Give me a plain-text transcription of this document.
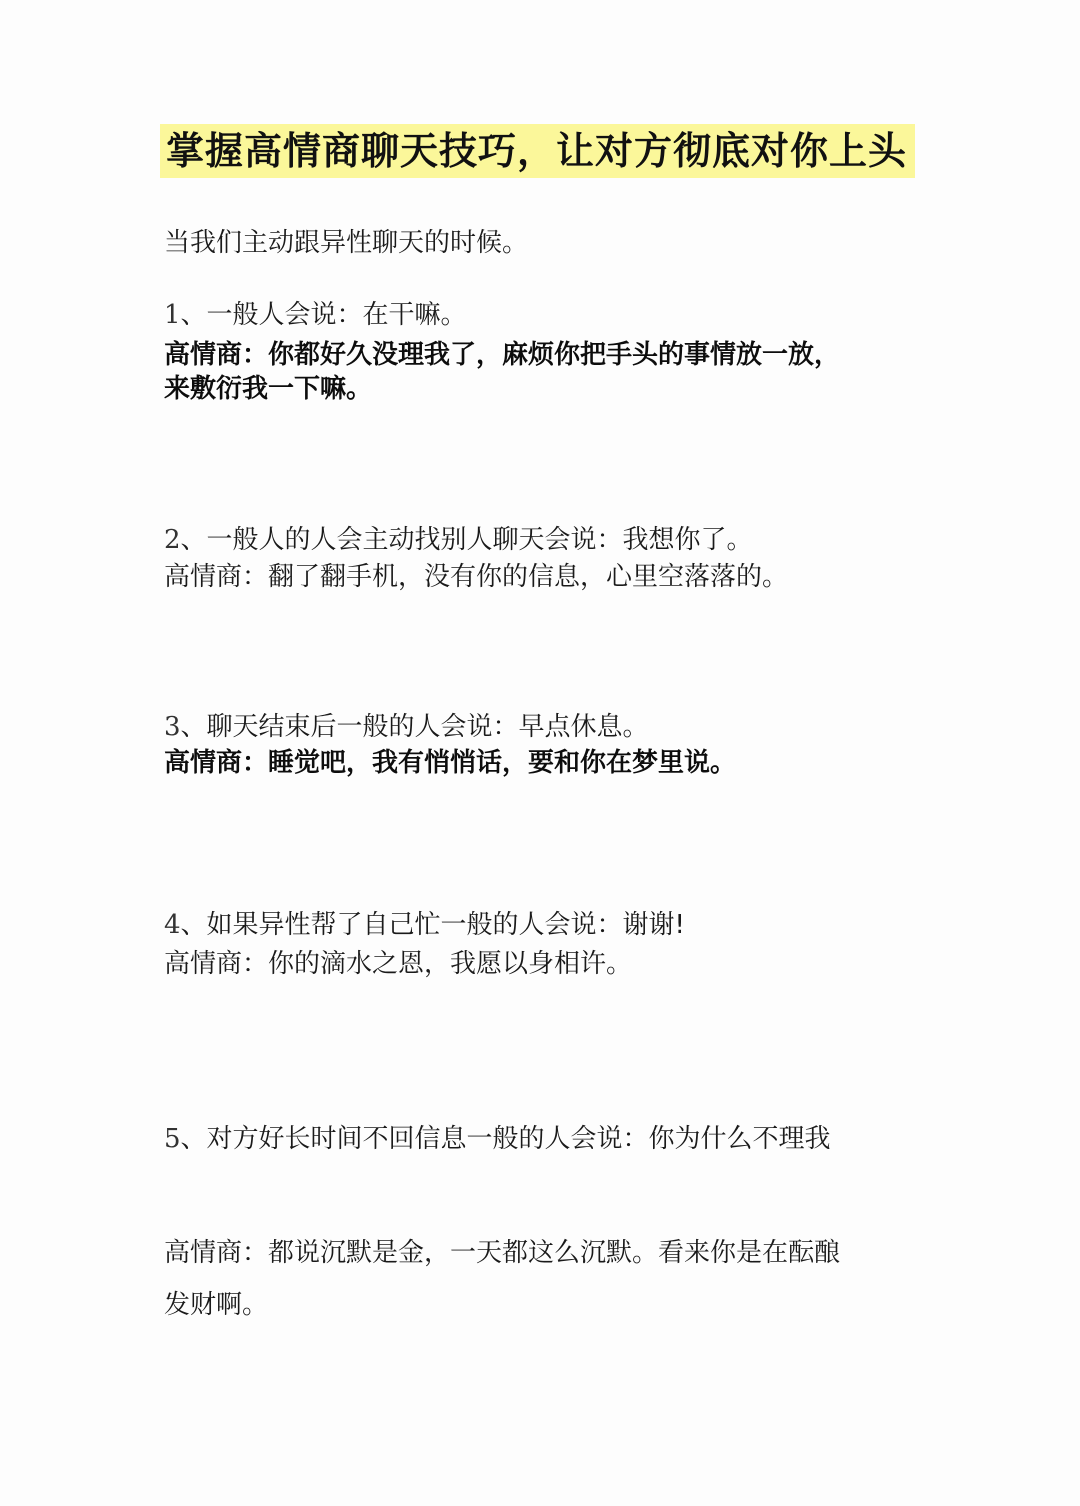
掌握高情商聊天技巧，让对方彻底对你上头
当我们主动跟异性聊天的时候。
1、一般人会说：在干嘛。
高情商：你都好久没理我了，麻烦你把手头的事情放一放，
来敷衍我一下嘛。
2、一般人的人会主动找别人聊天会说：我想你了。
高情商：翻了翻手机，没有你的信息，心里空落落的。
3、聊天结束后一般的人会说：早点休息。
高情商：睡觉吧，我有悄悄话，要和你在梦里说。
4、如果异性帮了自己忙一般的人会说：谢谢!
高情商：你的滴水之恩，我愿以身相许。
5、对方好长时间不回信息一般的人会说：你为什么不理我
高情商：都说沉默是金，一天都这么沉默。看来你是在酝酿
发财啊。
